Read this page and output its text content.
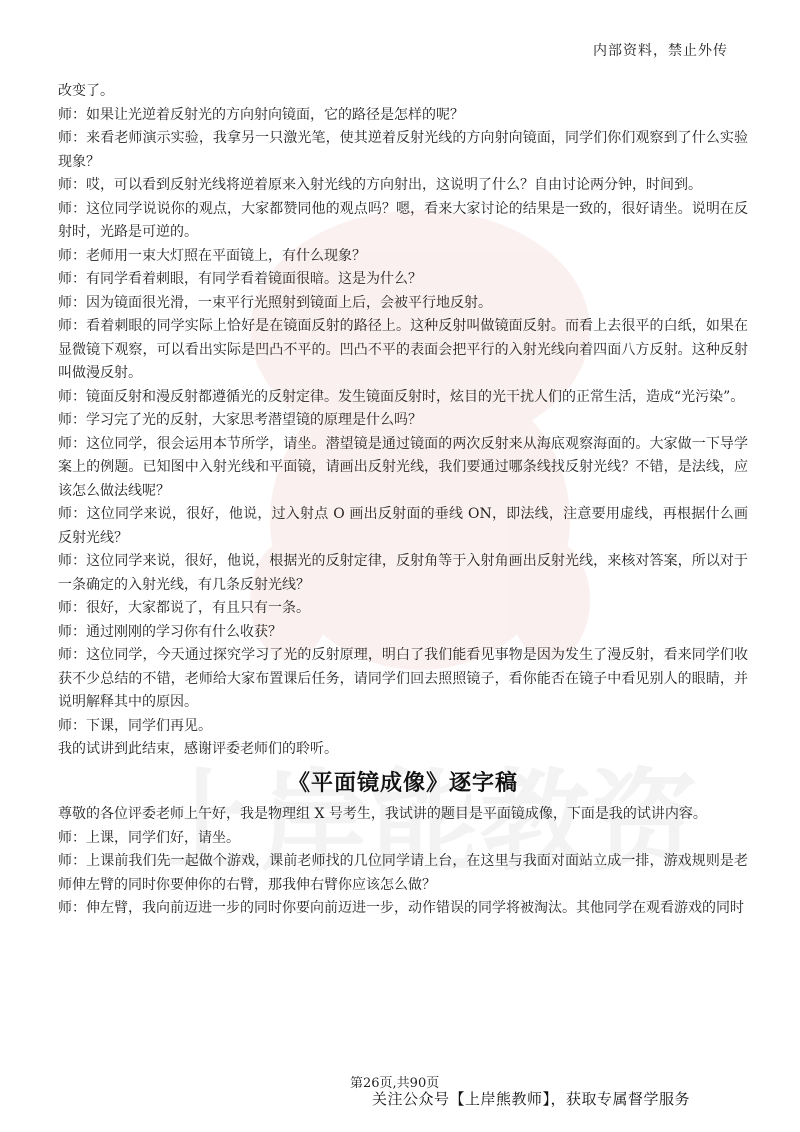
内部资料，禁止外传

改变了。

师：如果让光逆着反射光的方向射向镜面，它的路径是怎样的呢？

师：来看老师演示实验，我拿另一只激光笔，使其逆着反射光线的方向射向镜面，同学们你们观察到了什么实验现象？

师：哎，可以看到反射光线将逆着原来入射光线的方向射出，这说明了什么？自由讨论两分钟，时间到。

师：这位同学说说你的观点，大家都赞同他的观点吗？嗯，看来大家讨论的结果是一致的，很好请坐。说明在反射时，光路是可逆的。

师：老师用一束大灯照在平面镜上，有什么现象？

师：有同学看着刺眼，有同学看着镜面很暗。这是为什么？

师：因为镜面很光滑，一束平行光照射到镜面上后，会被平行地反射。

师：看着刺眼的同学实际上恰好是在镜面反射的路径上。这种反射叫做镜面反射。而看上去很平的白纸，如果在显微镜下观察，可以看出实际是凹凸不平的。凹凸不平的表面会把平行的入射光线向着四面八方反射。这种反射叫做漫反射。

师：镜面反射和漫反射都遵循光的反射定律。发生镜面反射时，炫目的光干扰人们的正常生活，造成“光污染”。

师：学习完了光的反射，大家思考潜望镜的原理是什么吗？

师：这位同学，很会运用本节所学，请坐。潜望镜是通过镜面的两次反射来从海底观察海面的。大家做一下导学案上的例题。已知图中入射光线和平面镜，请画出反射光线，我们要通过哪条线找反射光线？不错，是法线，应该怎么做法线呢？

师：这位同学来说，很好，他说，过入射点 O 画出反射面的垂线 ON，即法线，注意要用虚线，再根据什么画反射光线？

师：这位同学来说，很好，他说，根据光的反射定律，反射角等于入射角画出反射光线，来核对答案，所以对于一条确定的入射光线，有几条反射光线？

师：很好，大家都说了，有且只有一条。

师：通过刚刚的学习你有什么收获？

师：这位同学，今天通过探究学习了光的反射原理，明白了我们能看见事物是因为发生了漫反射，看来同学们收获不少总结的不错，老师给大家布置课后任务，请同学们回去照照镜子，看你能否在镜子中看见别人的眼睛，并说明解释其中的原因。

师：下课，同学们再见。

我的试讲到此结束，感谢评委老师们的聆听。

《平面镜成像》逐字稿

尊敬的各位评委老师上午好，我是物理组 X 号考生，我试讲的题目是平面镜成像，下面是我的试讲内容。

师：上课，同学们好，请坐。

师：上课前我们先一起做个游戏，课前老师找的几位同学请上台，在这里与我面对面站立成一排，游戏规则是老师伸左臂的同时你要伸你的右臂，那我伸右臂你应该怎么做？

师：伸左臂，我向前迈进一步的同时你要向前迈进一步，动作错误的同学将被淘汰。其他同学在观看游戏的同时

第26页,共90页
关注公众号【上岸熊教师】，获取专属督学服务
